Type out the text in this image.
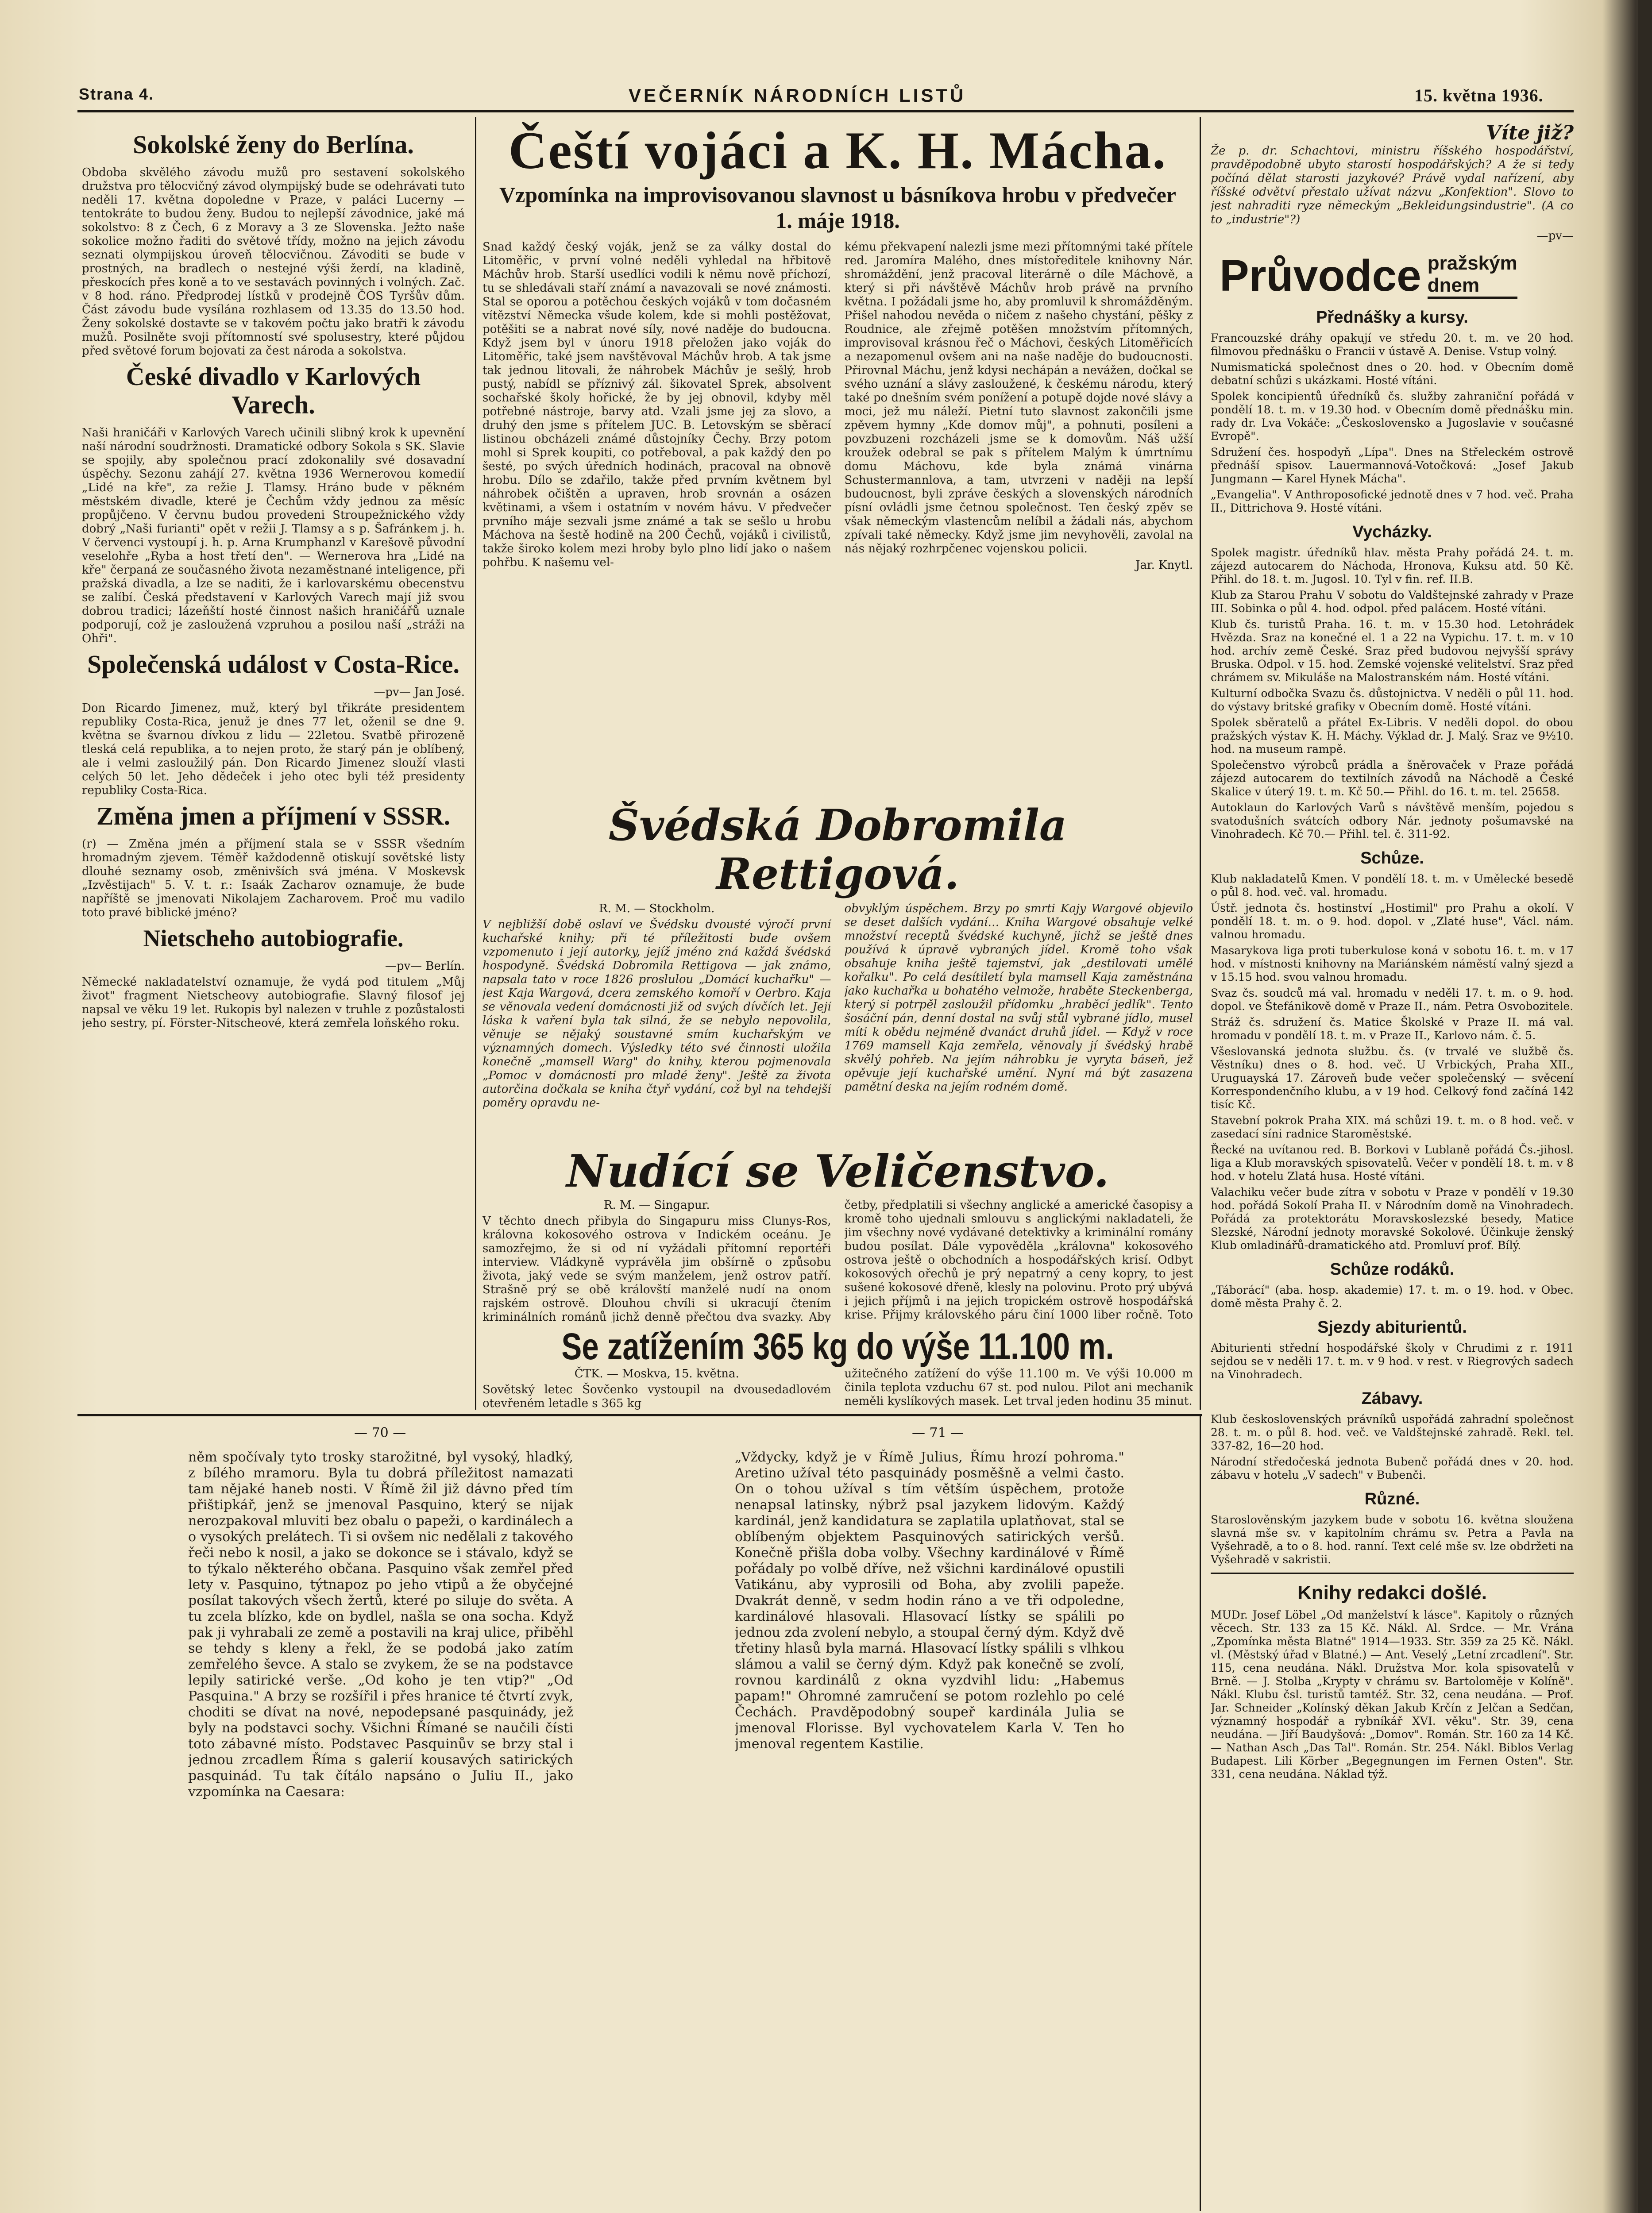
Strana 4.	VEČERNÍK NÁRODNÍCH LISTŮ	15. května 1936.
Sokolské ženy do Berlína.

Obdoba skvělého závodu mužů pro sestavení sokolského družstva pro tělocvičný závod olympijský bude se odehrávati tuto neděli 17. května dopoledne v Praze, v paláci Lucerny — tentokráte to budou ženy. Budou to nejlepší závodnice, jaké má sokolstvo: 8 z Čech, 6 z Moravy a 3 ze Slovenska. Ježto naše sokolice možno řaditi do světové třídy, možno na jejich závodu seznati olympijskou úroveň tělocvičnou. Závoditi se bude v prostných, na bradlech o nestejné výši žerdí, na kladině, přeskocích přes koně a to ve sestavách povinných i volných. Zač. v 8 hod. ráno. Předprodej lístků v prodejně ČOS Tyršův dům. Část závodu bude vysílána rozhlasem od 13.35 do 13.50 hod. Ženy sokolské dostavte se v takovém počtu jako bratři k závodu mužů. Posilněte svoji přítomností své spolusestry, které půjdou před světové forum bojovati za čest národa a sokolstva.

České divadlo v Karlových Varech.

Naši hraničáři v Karlových Varech učinili slibný krok k upevnění naší národní soudržnosti. Dramatické odbory Sokola s SK. Slavie se spojily, aby společnou prací zdokonalily své dosavadní úspěchy. Sezonu zahájí 27. května 1936 Wernerovou komedií „Lidé na kře", za režie J. Tlamsy. Hráno bude v pěkném městském divadle, které je Čechům vždy jednou za měsíc propůjčeno. V červnu budou provedeni Stroupežnického vždy dobrý „Naši furianti" opět v režii J. Tlamsy a s p. Šafránkem j. h. V červenci vystoupí j. h. p. Arna Krumphanzl v Karešově původní veselohře „Ryba a host třetí den". — Wernerova hra „Lidé na kře" čerpaná ze současného života nezaměstnané inteligence, při pražská divadla, a lze se naditi, že i karlovarskému obecenstvu se zalíbí. Česká představení v Karlových Varech mají již svou dobrou tradici; lázeňští hosté činnost našich hraničářů uznale podporují, což je zasloužená vzpruhou a posilou naší „stráži na Ohři".

Společenská událost v Costa-Rice.

—pv— Jan José.

Don Ricardo Jimenez, muž, který byl třikráte presidentem republiky Costa-Rica, jenuž je dnes 77 let, oženil se dne 9. května se švarnou dívkou z lidu — 22letou. Svatbě přirozeně tleská celá republika, a to nejen proto, že starý pán je oblíbený, ale i velmi zasloužilý pán. Don Ricardo Jimenez slouží vlasti celých 50 let. Jeho dědeček i jeho otec byli též presidenty republiky Costa-Rica.

Změna jmen a příjmení v SSSR.

(r) — Změna jmén a příjmení stala se v SSSR všedním hromadným zjevem. Téměř každodenně otiskují sovětské listy dlouhé seznamy osob, změnivších svá jména. V Moskevsk „Izvěstijach" 5. V. t. r.: Isaák Zacharov oznamuje, že bude napříště se jmenovati Nikolajem Zacharovem. Proč mu vadilo toto pravé biblické jméno?

Nietscheho autobiografie.

—pv— Berlín.

Německé nakladatelství oznamuje, že vydá pod titulem „Můj život" fragment Nietscheovy autobiografie. Slavný filosof jej napsal ve věku 19 let. Rukopis byl nalezen v truhle z pozůstalosti jeho sestry, pí. Förster-Nitscheové, která zemřela loňského roku.

Čeští vojáci a K. H. Mácha.
Vzpomínka na improvisovanou slavnost u básníkova hrobu v předvečer 1. máje 1918.

Snad každý český voják, jenž se za války dostal do Litoměřic, v první volné neděli vyhledal na hřbitově Máchův hrob. Starší usedlíci vodili k němu nově příchozí, tu se shledávali staří známí a navazovali se nové známosti. Stal se oporou a potěchou českých vojáků v tom dočasném vítězství Německa všude kolem, kde si mohli postěžovat, potěšiti se a nabrat nové síly, nové naděje do budoucna. Když jsem byl v únoru 1918 přeložen jako voják do Litoměřic, také jsem navštěvoval Máchův hrob. A tak jsme tak jednou litovali, že náhrobek Máchův je sešlý, hrob pustý, nabídl se příznivý zál. šikovatel Sprek, absolvent sochařské školy hořické, že by jej obnovil, kdyby měl potřebné nástroje, barvy atd. Vzali jsme jej za slovo, a druhý den jsme s přítelem JUC. B. Letovským se sběrací listinou obcházeli známé důstojníky Čechy. Brzy potom mohl si Sprek koupiti, co potřeboval, a pak každý den po šesté, po svých úředních hodinách, pracoval na obnově hrobu. Dílo se zdařilo, takže před prvním květnem byl náhrobek očištěn a upraven, hrob srovnán a osázen květinami, a všem i ostatním v novém hávu. V předvečer prvního máje sezvali jsme známé a tak se sešlo u hrobu Máchova na šestě hodině na 200 Čechů, vojáků i civilistů, takže široko kolem mezi hroby bylo plno lidí jako o našem pohřbu. K našemu vel-

kému překvapení nalezli jsme mezi přítomnými také přítele red. Jaromíra Malého, dnes místoředitele knihovny Nár. shromáždění, jenž pracoval literárně o díle Máchově, a který si při návštěvě Máchův hrob právě na prvního května. I požádali jsme ho, aby promluvil k shromážděným. Přišel nahodou nevěda o ničem z našeho chystání, pěšky z Roudnice, ale zřejmě potěšen množstvím přítomných, improvisoval krásnou řeč o Máchovi, českých Litoměřicích a nezapomenul ovšem ani na naše naděje do budoucnosti. Přirovnal Máchu, jenž kdysi nechápán a nevážen, dočkal se svého uznání a slávy zasloužené, k českému národu, který také po dnešním svém ponížení a potupě dojde nové slávy a moci, jež mu náleží. Pietní tuto slavnost zakončili jsme zpěvem hymny „Kde domov můj", a pohnuti, posíleni a povzbuzeni rozcházeli jsme se k domovům. Náš užší kroužek odebral se pak s přítelem Malým k úmrtnímu domu Máchovu, kde byla známá vinárna Schustermannlova, a tam, utvrzeni v naději na lepší budoucnost, byli zpráve českých a slovenských národních písní ovládli jsme četnou společnost. Ten český zpěv se však německým vlastencům nelíbil a žádali nás, abychom zpívali také německy. Když jsme jim nevyhověli, zavolal na nás nějaký rozhrpčenec vojenskou policii.

Jar. Knytl.

Švédská Dobromila Rettigová.

R. M. — Stockholm.

V nejbližší době oslaví ve Švédsku dvousté výročí první kuchařské knihy; při té příležitosti bude ovšem vzpomenuto i její autorky, jejíž jméno zná každá švédská hospodyně. Švédská Dobromila Rettigova — jak známo, napsala tato v roce 1826 proslulou „Domácí kuchařku" — jest Kaja Wargová, dcera zemského komoří v Oerbro. Kaja se věnovala vedení domácnosti již od svých dívčích let. Její láska k vaření byla tak silná, že se nebylo nepovolila, věnuje se nějaký soustavné smím kuchařským ve významných domech. Výsledky této své činnosti uložila konečně „mamsell Warg" do knihy, kterou pojmenovala „Pomoc v domácnosti pro mladé ženy". Ještě za života autorčina dočkala se kniha čtyř vydání, což byl na tehdejší poměry opravdu ne-

obvyklým úspěchem. Brzy po smrti Kajy Wargové objevilo se deset dalších vydání… Kniha Wargové obsahuje velké množství receptů švédské kuchyně, jichž se ještě dnes používá k úpravě vybraných jídel. Kromě toho však obsahuje kniha ještě tajemství, jak „destilovati umělé kořalku". Po celá desítiletí byla mamsell Kaja zaměstnána jako kuchařka u bohatého velmože, hraběte Steckenberga, který si potrpěl zasloužil přídomku „hraběcí jedlík". Tento šosáční pán, denní dostal na svůj stůl vybrané jídlo, musel míti k obědu nejméně dvanáct druhů jídel. — Když v roce 1769 mamsell Kaja zemřela, věnovaly jí švédský hrabě skvělý pohřeb. Na jejím náhrobku je vyryta báseň, jež opěvuje její kuchařské umění. Nyní má být zasazena pamětní deska na jejím rodném domě.

Nudící se Veličenstvo.

R. M. — Singapur.

V těchto dnech přibyla do Singapuru miss Clunys-Ros, královna kokosového ostrova v Indickém oceánu. Je samozřejmo, že si od ní vyžádali přítomní reportéři interview. Vládkyně vyprávěla jim obšírně o způsobu života, jaký vede se svým manželem, jenž ostrov patří. Strašně prý se obě královští manželé nudí na onom rajském ostrově. Dlouhou chvíli si ukracují čtením kriminálních románů jichž denně přečtou dva svazky. Aby

četby, předplatili si všechny anglické a americké časopisy a kromě toho ujednali smlouvu s anglickými nakladateli, že jim všechny nové vydávané detektivky a kriminální romány budou posílat. Dále vypověděla „královna" kokosového ostrova ještě o obchodních a hospodářských krisí. Odbyt kokosových ořechů je prý nepatrný a ceny kopry, to jest sušené kokosové dřeně, klesly na polovinu. Proto prý ubývá i jejich příjmů i na jejich tropickém ostrově hospodářská krise. Přijmy královského páru činí 1000 liber ročně. Toto

Se zatížením 365 kg do výše 11.100 m.

ČTK. — Moskva, 15. května.

Sovětský letec Šovčenko vystoupil na dvousedadlovém otevřeném letadle s 365 kg

užitečného zatížení do výše 11.100 m. Ve výši 10.000 m činila teplota vzduchu 67 st. pod nulou. Pilot ani mechanik neměli kyslíkových masek. Let trval jeden hodinu 35 minut.

Víte již?

Že p. dr. Schachtovi, ministru říšského hospodářství, pravděpodobně ubyto starostí hospodářských? A že si tedy počíná dělat starosti jazykové? Právě vydal nařízení, aby říšské odvětví přestalo užívat názvu „Konfektion". Slovo to jest nahraditi ryze německým „Bekleidungsindustrie". (A co to „industrie"?)

—pv—

Průvodce pražským
dnem
Přednášky a kursy.

Francouzské dráhy opakují ve středu 20. t. m. ve 20 hod. filmovou přednášku o Francii v ústavě A. Denise. Vstup volný.

Numismatická společnost dnes o 20. hod. v Obecním domě debatní schůzi s ukázkami. Hosté vítáni.

Spolek koncipientů úředníků čs. služby zahraniční pořádá v pondělí 18. t. m. v 19.30 hod. v Obecním domě přednášku min. rady dr. Lva Vokáče: „Československo a Jugoslavie v současné Evropě".

Sdružení čes. hospodyň „Lípa". Dnes na Střeleckém ostrově přednáší spisov. Lauermannová-Votočková: „Josef Jakub Jungmann — Karel Hynek Mácha".

„Evangelia". V Anthroposofické jednotě dnes v 7 hod. več. Praha II., Dittrichova 9. Hosté vítáni.

Vycházky.

Spolek magistr. úředníků hlav. města Prahy pořádá 24. t. m. zájezd autocarem do Náchoda, Hronova, Kuksu atd. 50 Kč. Přihl. do 18. t. m. Jugosl. 10. Tyl v fin. ref. II.B.

Klub za Starou Prahu V sobotu do Valdštejnské zahrady v Praze III. Sobinka o půl 4. hod. odpol. před palácem. Hosté vítáni.

Klub čs. turistů Praha. 16. t. m. v 15.30 hod. Letohrádek Hvězda. Sraz na konečné el. 1 a 22 na Vypichu. 17. t. m. v 10 hod. archív země České. Sraz před budovou nejvyšší správy Bruska. Odpol. v 15. hod. Zemské vojenské velitelství. Sraz před chrámem sv. Mikuláše na Malostranském nám. Hosté vítáni.

Kulturní odbočka Svazu čs. důstojnictva. V neděli o půl 11. hod. do výstavy britské grafiky v Obecním domě. Hosté vítáni.

Spolek sběratelů a přátel Ex-Libris. V neděli dopol. do obou pražských výstav K. H. Máchy. Výklad dr. J. Malý. Sraz ve 9½10. hod. na museum rampě.

Společenstvo výrobců prádla a šněrovaček v Praze pořádá zájezd autocarem do textilních závodů na Náchodě a České Skalice v úterý 19. t. m. Kč 50.— Přihl. do 16. t. m. tel. 25658.

Autoklaun do Karlových Varů s návštěvě menším, pojedou s svatodušních svátcích odbory Nár. jednoty pošumavské na Vinohradech. Kč 70.— Přihl. tel. č. 311-92.

Schůze.

Klub nakladatelů Kmen. V pondělí 18. t. m. v Umělecké besedě o půl 8. hod. več. val. hromadu.

Ústř. jednota čs. hostinství „Hostimil" pro Prahu a okolí. V pondělí 18. t. m. o 9. hod. dopol. v „Zlaté huse", Václ. nám. valnou hromadu.

Masarykova liga proti tuberkulose koná v sobotu 16. t. m. v 17 hod. v místnosti knihovny na Mariánském náměstí valný sjezd a v 15.15 hod. svou valnou hromadu.

Svaz čs. soudců má val. hromadu v neděli 17. t. m. o 9. hod. dopol. ve Štefánikově domě v Praze II., nám. Petra Osvobozitele.

Stráž čs. sdružení čs. Matice Školské v Praze II. má val. hromadu v pondělí 18. t. m. v Praze II., Karlovo nám. č. 5.

Všeslovanská jednota službu. čs. (v trvalé ve službě čs. Věstníku) dnes o 8. hod. več. U Vrbických, Praha XII., Uruguayská 17. Zároveň bude večer společenský — svěcení Korrespondenčního klubu, a v 19 hod. Celkový fond začíná 142 tisíc Kč.

Stavební pokrok Praha XIX. má schůzi 19. t. m. o 8 hod. več. v zasedací síni radnice Staroměstské.

Řecké na uvítanou red. B. Borkovi v Lublaně pořádá Čs.-jihosl. liga a Klub moravských spisovatelů. Večer v pondělí 18. t. m. v 8 hod. v hotelu Zlatá husa. Hosté vítáni.

Valachiku večer bude zítra v sobotu v Praze v pondělí v 19.30 hod. pořádá Sokolí Praha II. v Národním domě na Vinohradech. Pořádá za protektorátu Moravskoslezské besedy, Matice Slezské, Národní jednoty moravské Sokolové. Účinkuje ženský Klub omladinářů-dramatického atd. Promluví prof. Bílý.

Schůze rodáků.

„Táborácí" (aba. hosp. akademie) 17. t. m. o 19. hod. v Obec. domě města Prahy č. 2.

Sjezdy abiturientů.

Abiturienti střední hospodářské školy v Chrudimi z r. 1911 sejdou se v neděli 17. t. m. v 9 hod. v rest. v Riegrových sadech na Vinohradech.

Zábavy.

Klub československých právníků uspořádá zahradní společnost 28. t. m. o půl 8. hod. več. ve Valdštejnské zahradě. Rekl. tel. 337-82, 16—20 hod.

Národní středočeská jednota Bubenč pořádá dnes v 20. hod. zábavu v hotelu „V sadech" v Bubenči.

Různé.

Staroslověnským jazykem bude v sobotu 16. května sloužena slavná mše sv. v kapitolním chrámu sv. Petra a Pavla na Vyšehradě, a to o 8. hod. ranní. Text celé mše sv. lze obdržeti na Vyšehradě v sakristii.

Knihy redakci došlé.

MUDr. Josef Löbel „Od manželství k lásce". Kapitoly o různých věcech. Str. 133 za 15 Kč. Nákl. Al. Srdce. — Mr. Vrána „Zpomínka města Blatné" 1914—1933. Str. 359 za 25 Kč. Nákl. vl. (Městský úřad v Blatné.) — Ant. Veselý „Letní zrcadlení". Str. 115, cena neudána. Nákl. Družstva Mor. kola spisovatelů v Brně. — J. Stolba „Krypty v chrámu sv. Bartoloměje v Kolíně". Nákl. Klubu čsl. turistů tamtéž. Str. 32, cena neudána. — Prof. Jar. Schneider „Kolínský děkan Jakub Krčín z Jelčan a Sedčan, významný hospodář a rybníkář XVI. věku". Str. 39, cena neudána. — Jiří Baudyšová: „Domov". Román. Str. 160 za 14 Kč. — Nathan Asch „Das Tal". Román. Str. 254. Nákl. Biblos Verlag Budapest. Lili Körber „Begegnungen im Fernen Osten". Str. 331, cena neudána. Náklad týž.

— 70 —	— 71 —

něm spočívaly tyto trosky starožitné, byl vysoký, hladký, z bílého mramoru. Byla tu dobrá příležitost namazati tam nějaké haneb nosti. V Římě žil již dávno před tím přištipkář, jenž se jmenoval Pasquino, který se nijak nerozpakoval mluviti bez obalu o papeži, o kardinálech a o vysokých prelátech. Ti si ovšem nic nedělali z takového řeči nebo k nosil, a jako se dokonce se i stávalo, když se to týkalo některého občana. Pasquino však zemřel před lety v. Pasquino, týtnapoz po jeho vtipů a že obyčejné posílat takových všech žertů, které po siluje do světa. A tu zcela blízko, kde on bydlel, našla se ona socha. Když pak ji vyhrabali ze země a postavili na kraj ulice, přiběhl se tehdy s kleny a řekl, že se podobá jako zatím zemřelého ševce. A stalo se zvykem, že se na podstavce lepily satirické verše. „Od koho je ten vtip?" „Od Pasquina." A brzy se rozšířil i přes hranice té čtvrtí zvyk, choditi se dívat na nové, nepodepsané pasquinády, jež byly na podstavci sochy. Všichni Římané se naučili čísti toto zábavné místo. Podstavec Pasquinův se brzy stal i jednou zrcadlem Říma s galerií kousavých satirických pasquinád. Tu tak čítálo napsáno o Juliu II., jako vzpomínka na Caesara:

„Vždycky, když je v Římě Julius, Římu hrozí pohroma." Aretino užíval této pasquinády posměšně a velmi často. On o tohou užíval s tím větším úspěchem, protože nenapsal latinsky, nýbrž psal jazykem lidovým. Každý kardinál, jenž kandidatura se zaplatila uplatňovat, stal se oblíbeným objektem Pasquinových satirických veršů. Konečně přišla doba volby. Všechny kardinálové v Římě pořádaly po volbě dříve, než všichni kardinálové opustili Vatikánu, aby vyprosili od Boha, aby zvolili papeže. Dvakrát denně, v sedm hodin ráno a ve tři odpoledne, kardinálové hlasovali. Hlasovací lístky se spálili po jednou zda zvolení nebylo, a stoupal černý dým. Když dvě třetiny hlasů byla marná. Hlasovací lístky spálili s vlhkou slámou a valil se černý dým. Když pak konečně se zvolí, rovnou kardinálů z okna vyzdvihl lidu: „Habemus papam!" Ohromné zamručení se potom rozlehlo po celé Čechách. Pravděpodobný soupeř kardinála Julia se jmenoval Florisse. Byl vychovatelem Karla V. Ten ho jmenoval regentem Kastilie.
